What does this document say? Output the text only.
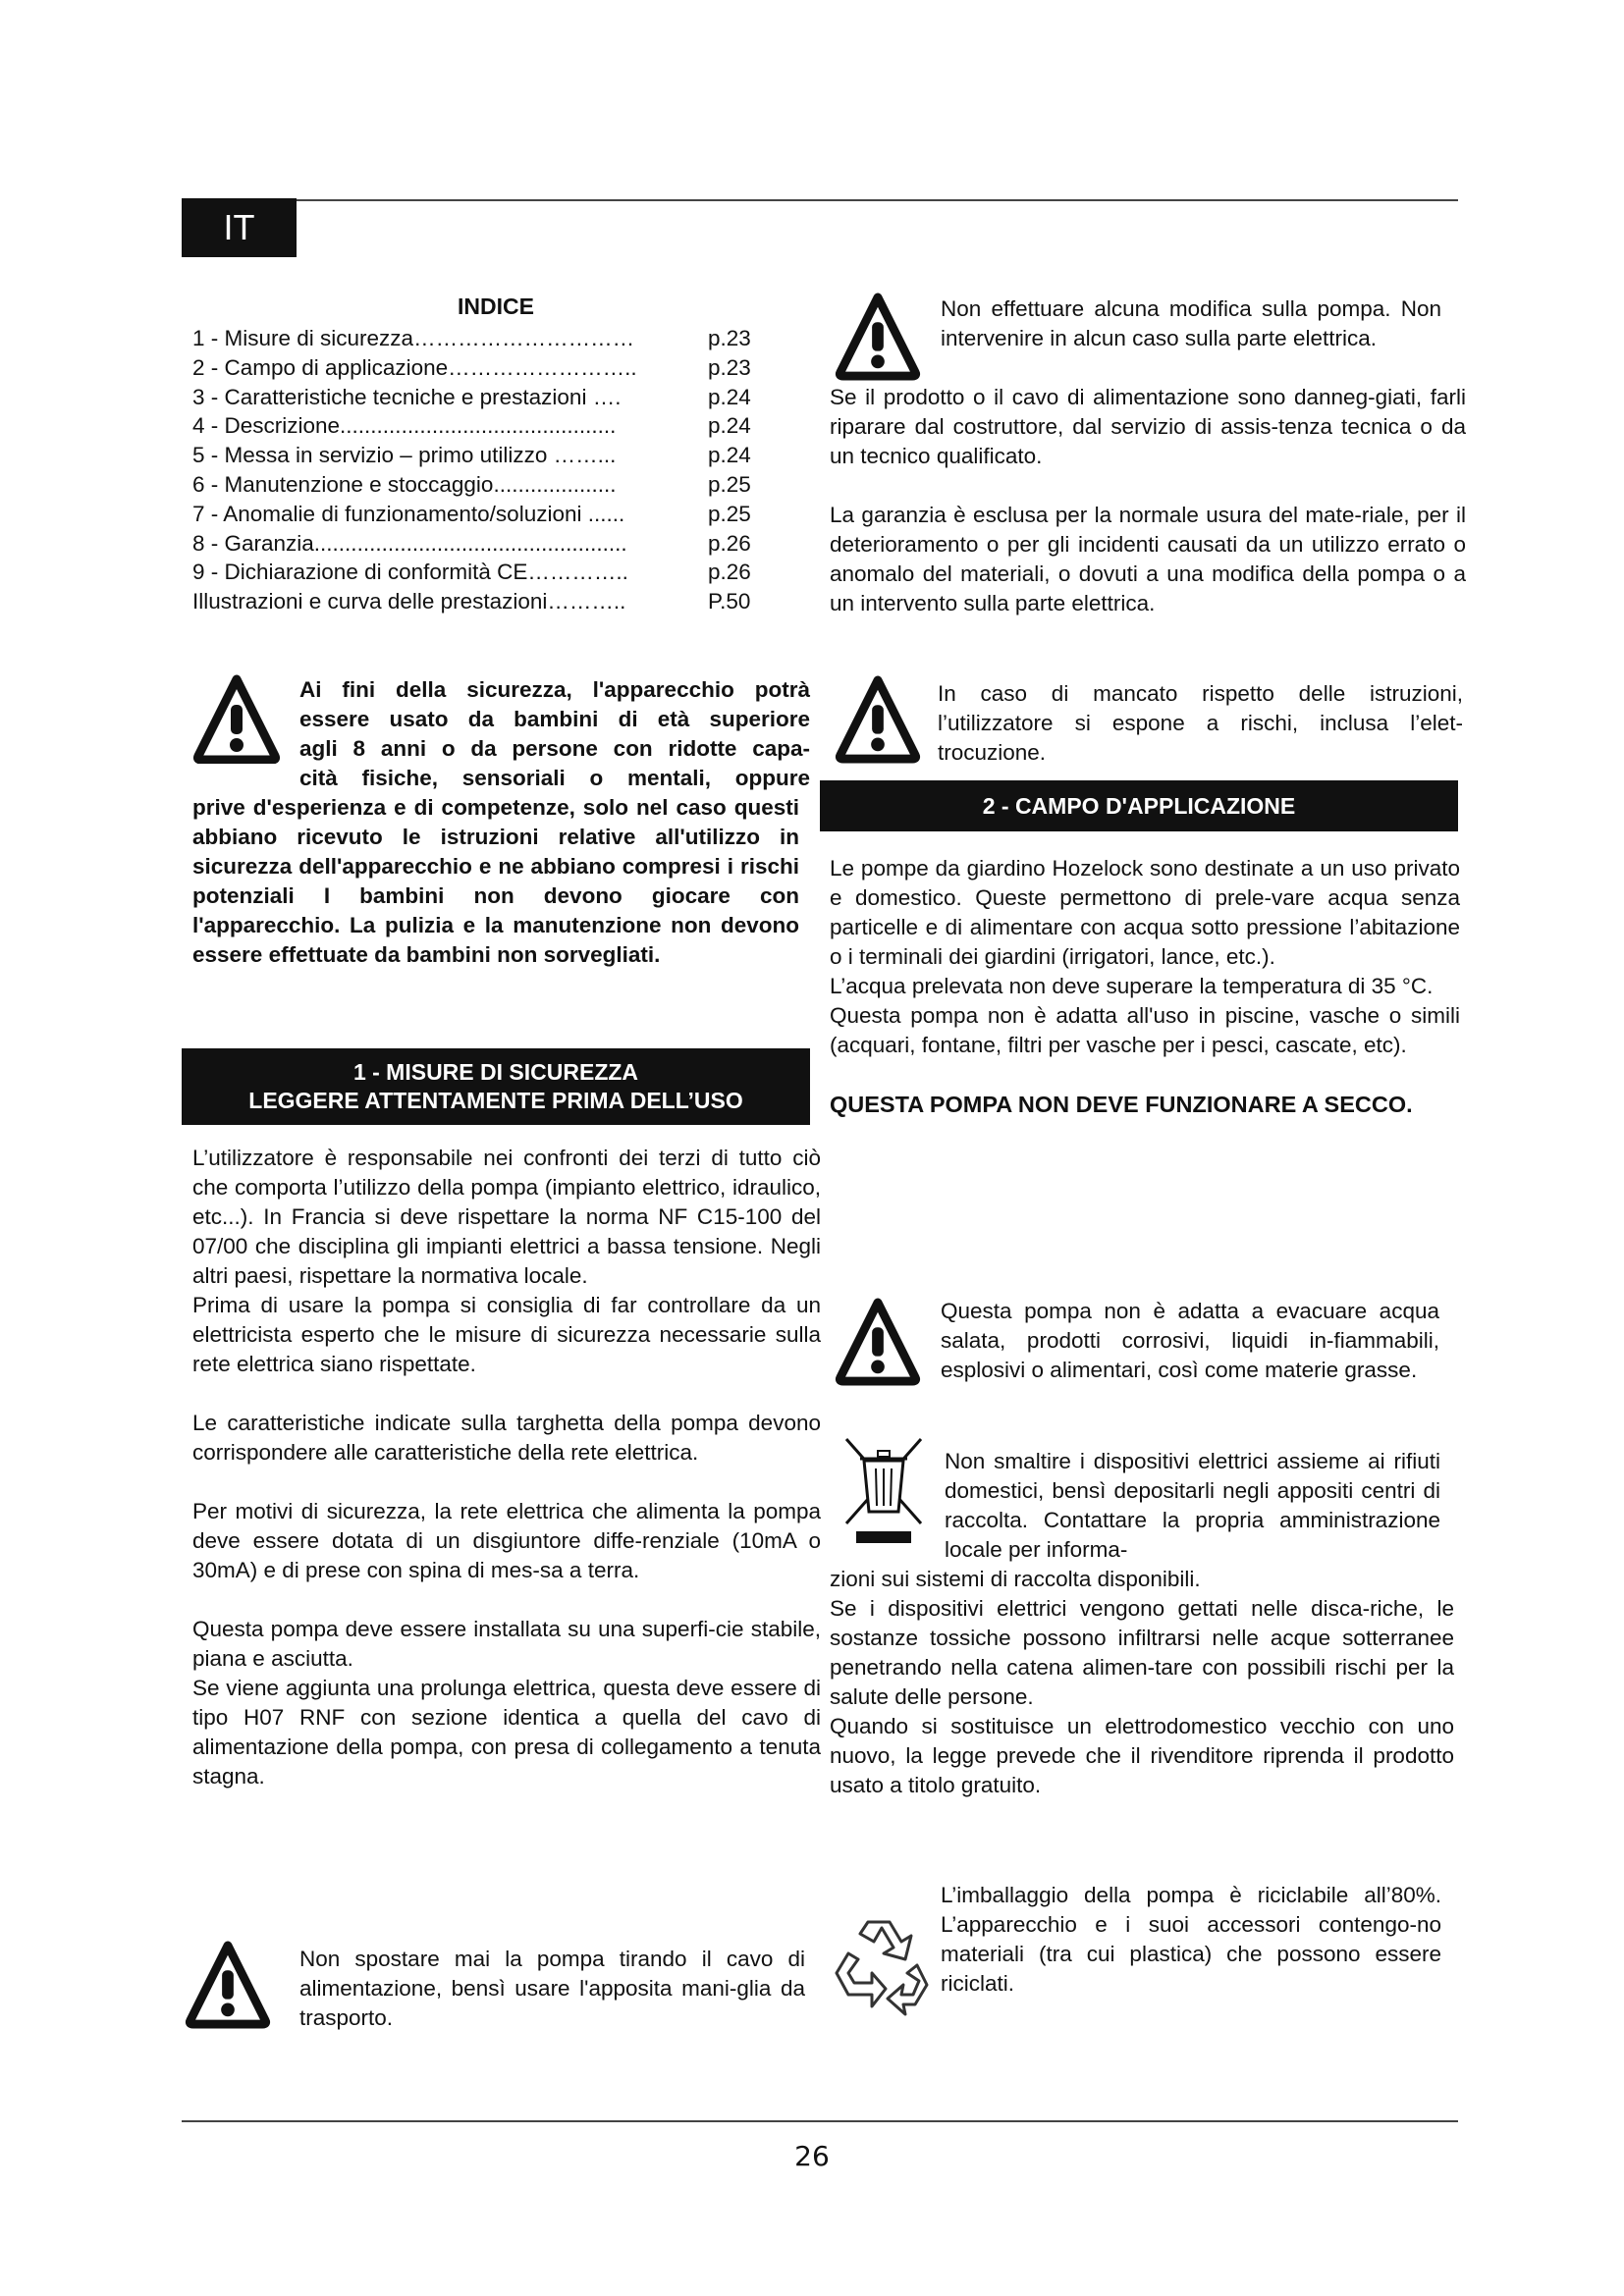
IT
INDICE
1 - Misure di sicurezza…………………………	p.23
2 - Campo di applicazione……………………..	p.23
3 - Caratteristiche tecniche e prestazioni ….	p.24
4 - Descrizione.............................................	p.24
5 - Messa in servizio – primo utilizzo ……...	p.24
6 - Manutenzione e stoccaggio....................	p.25
7 - Anomalie di funzionamento/soluzioni ......	p.25
8 - Garanzia...................................................	p.26
9 - Dichiarazione di conformità CE…………..	p.26
Illustrazioni e curva delle prestazioni………..	P.50

Ai fini della sicurezza, l'apparecchio potrà

essere usato da bambini di età superiore

agli 8 anni o da persone con ridotte capa-

cità fisiche, sensoriali o mentali, oppure

prive d'esperienza e di competenze, solo nel caso questi abbiano ricevuto le istruzioni relative all'utilizzo in sicurezza dell'apparecchio e ne abbiano compresi i rischi potenziali I bambini non devono giocare con l'apparecchio. La pulizia e la manutenzione non devono essere effettuate da bambini non sorvegliati.

1 - MISURE DI SICUREZZA
LEGGERE ATTENTAMENTE PRIMA DELL’USO

L’utilizzatore è responsabile nei confronti dei terzi di tutto ciò che comporta l’utilizzo della pompa (impianto elettrico, idraulico, etc...). In Francia si deve rispettare la norma NF C15-100 del 07/00 che disciplina gli impianti elettrici a bassa tensione. Negli altri paesi, rispettare la normativa locale.

Prima di usare la pompa si consiglia di far controllare da un elettricista esperto che le misure di sicurezza necessarie sulla rete elettrica siano rispettate.

Le caratteristiche indicate sulla targhetta della pompa devono corrispondere alle caratteristiche della rete elettrica.

Per motivi di sicurezza, la rete elettrica che alimenta la pompa deve essere dotata di un disgiuntore diffe-renziale (10mA o 30mA) e di prese con spina di mes-sa a terra.

Questa pompa deve essere installata su una superfi-cie stabile, piana e asciutta.

Se viene aggiunta una prolunga elettrica, questa deve essere di tipo H07 RNF con sezione identica a quella del cavo di alimentazione della pompa, con presa di collegamento a tenuta stagna.

Non spostare mai la pompa tirando il cavo di alimentazione, bensì usare l'apposita mani-glia da trasporto.

Non effettuare alcuna modifica sulla pompa. Non intervenire in alcun caso sulla parte elettrica.

Se il prodotto o il cavo di alimentazione sono danneg-giati, farli riparare dal costruttore, dal servizio di assis-tenza tecnica o da un tecnico qualificato.

La garanzia è esclusa per la normale usura del mate-riale, per il deterioramento o per gli incidenti causati da un utilizzo errato o anomalo del materiali, o dovuti a una modifica della pompa o a un intervento sulla parte elettrica.

In caso di mancato rispetto delle istruzioni, l’utilizzatore si espone a rischi, inclusa l’elet-trocuzione.

2 - CAMPO D'APPLICAZIONE

Le pompe da giardino Hozelock sono destinate a un uso privato e domestico. Queste permettono di prele-vare acqua senza particelle e di alimentare con acqua sotto pressione l’abitazione o i terminali dei giardini (irrigatori, lance, etc.).

L’acqua prelevata non deve superare la temperatura di 35 °C.

Questa pompa non è adatta all'uso in piscine, vasche o simili (acquari, fontane, filtri per vasche per i pesci, cascate, etc).

QUESTA POMPA NON DEVE FUNZIONARE A SECCO.

Questa pompa non è adatta a evacuare acqua salata, prodotti corrosivi, liquidi in-fiammabili, esplosivi o alimentari, così come materie grasse.

Non smaltire i dispositivi elettrici assieme ai rifiuti domestici, bensì depositarli negli appositi centri di raccolta. Contattare la propria amministrazione locale per informa-

zioni sui sistemi di raccolta disponibili.

Se i dispositivi elettrici vengono gettati nelle disca-riche, le sostanze tossiche possono infiltrarsi nelle acque sotterranee penetrando nella catena alimen-tare con possibili rischi per la salute delle persone.

Quando si sostituisce un elettrodomestico vecchio con uno nuovo, la legge prevede che il rivenditore riprenda il prodotto usato a titolo gratuito.

L’imballaggio della pompa è riciclabile all’80%. L’apparecchio e i suoi accessori contengo-no materiali (tra cui plastica) che possono essere riciclati.

26
